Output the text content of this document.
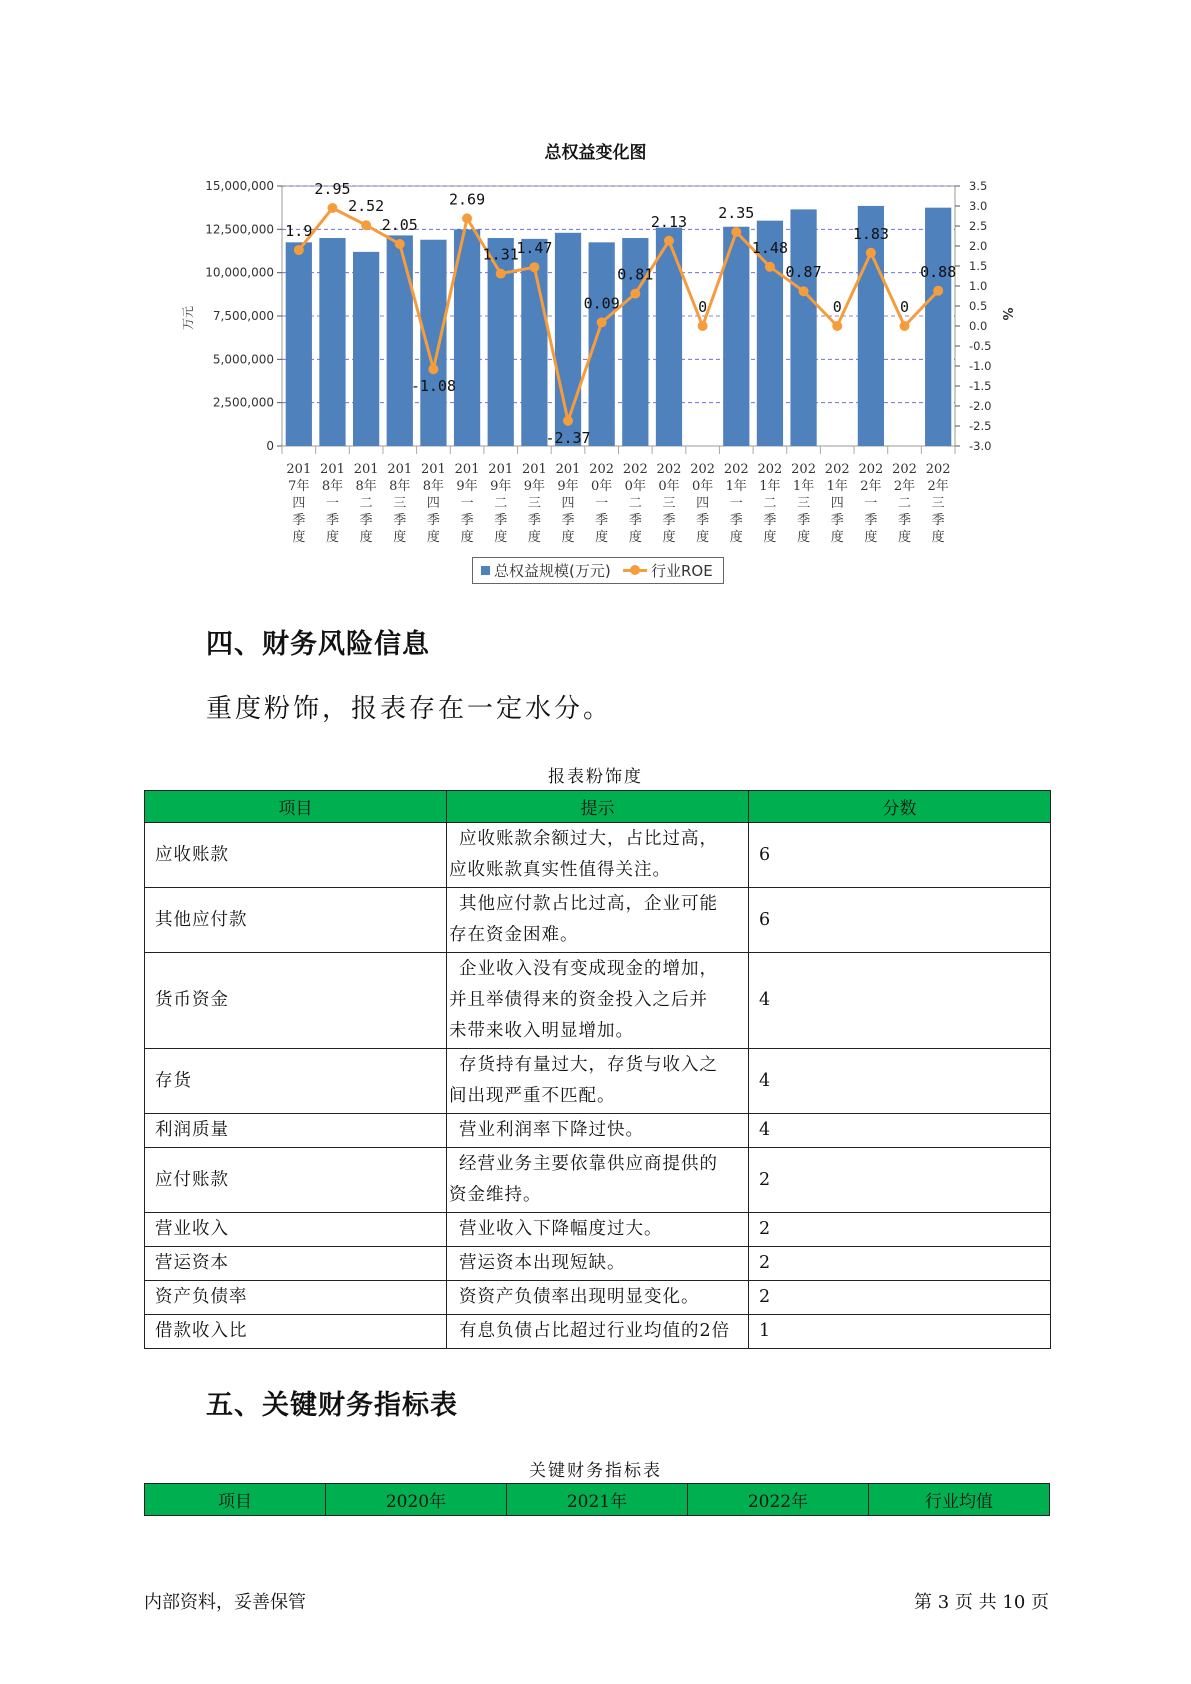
总权益变化图
0
2,500,000
5,000,000
7,500,000
10,000,000
12,500,000
15,000,000	3.5
3.0
2.5
2.0
1.5
1.0
0.5
0.0
-0.5
-1.0
-1.5
-2.0
-2.5
-3.0
万元	%
1.9
2.95
2.52
2.05
-1.08
2.69
1.31
1.47
-2.37
0.09
0.81
2.13
0
2.35
1.48
0.87
0
1.83
0
0.88
201 7年四季度
201 8年一季度
201 8年二季度
201 8年三季度
201 8年四季度
201 9年一季度
201 9年二季度
201 9年三季度
201 9年四季度
202 0年一季度
202 0年二季度
202 0年三季度
202 0年四季度
202 1年一季度
202 1年二季度
202 1年三季度
202 1年四季度
202 2年一季度
202 2年二季度
202 2年三季度
总权益规模(万元)	行业ROE
四、财务风险信息
重度粉饰，报表存在一定水分。
报表粉饰度
项目	提示	分数
应收账款	应收账款余额过大，占比过高，
应收账款真实性值得关注。	6
其他应付款	其他应付款占比过高，企业可能
存在资金困难。	6
货币资金	企业收入没有变成现金的增加，
并且举债得来的资金投入之后并
未带来收入明显增加。	4
存货	存货持有量过大，存货与收入之
间出现严重不匹配。	4
利润质量	营业利润率下降过快。	4
应付账款	经营业务主要依靠供应商提供的
资金维持。	2
营业收入	营业收入下降幅度过大。	2
营运资本	营运资本出现短缺。	2
资产负债率	资资产负债率出现明显变化。	2
借款收入比	有息负债占比超过行业均值的2倍	1
五、关键财务指标表
关键财务指标表
项目	2020年	2021年	2022年	行业均值
内部资料，妥善保管	第 3 页 共 10 页
